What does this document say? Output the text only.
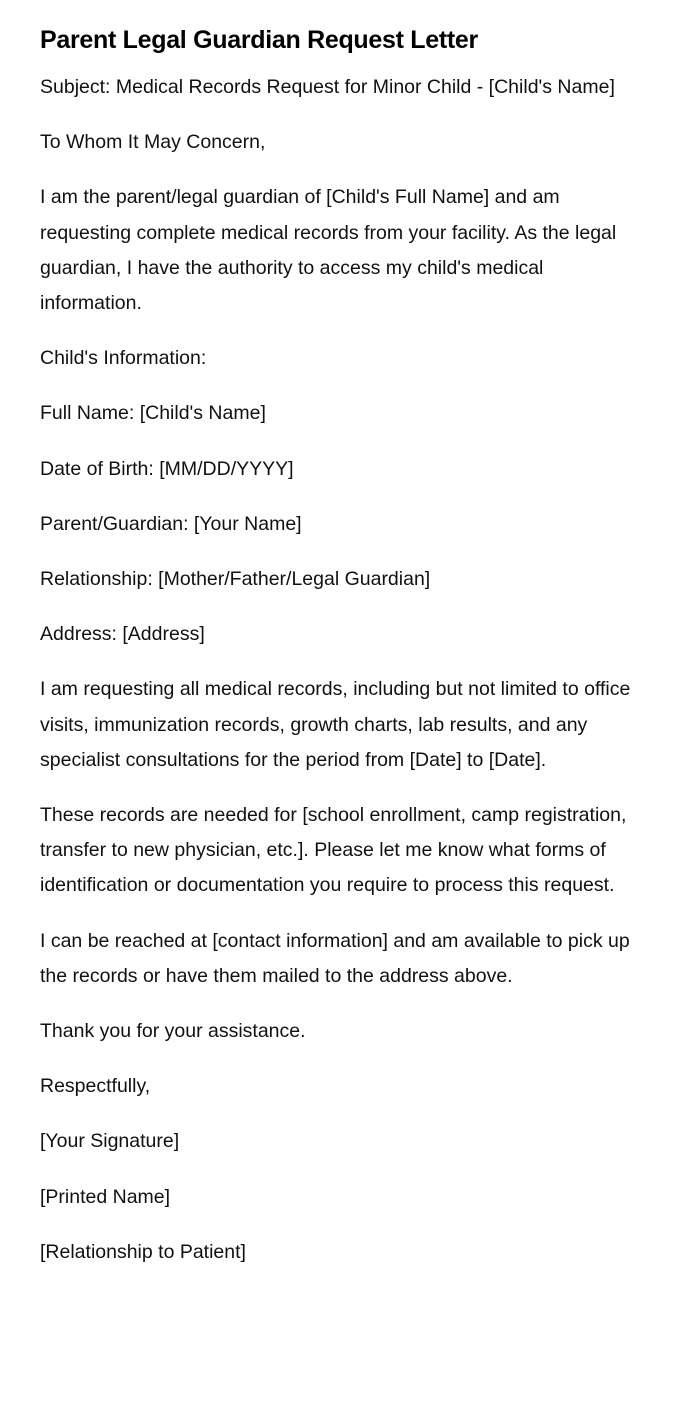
Parent Legal Guardian Request Letter

Subject: Medical Records Request for Minor Child - [Child's Name]

To Whom It May Concern,

I am the parent/legal guardian of [Child's Full Name] and am requesting complete medical records from your facility. As the legal guardian, I have the authority to access my child's medical information.

Child's Information:

Full Name: [Child's Name]

Date of Birth: [MM/DD/YYYY]

Parent/Guardian: [Your Name]

Relationship: [Mother/Father/Legal Guardian]

Address: [Address]

I am requesting all medical records, including but not limited to office visits, immunization records, growth charts, lab results, and any specialist consultations for the period from [Date] to [Date].

These records are needed for [school enrollment, camp registration, transfer to new physician, etc.]. Please let me know what forms of identification or documentation you require to process this request.

I can be reached at [contact information] and am available to pick up the records or have them mailed to the address above.

Thank you for your assistance.

Respectfully,

[Your Signature]

[Printed Name]

[Relationship to Patient]
